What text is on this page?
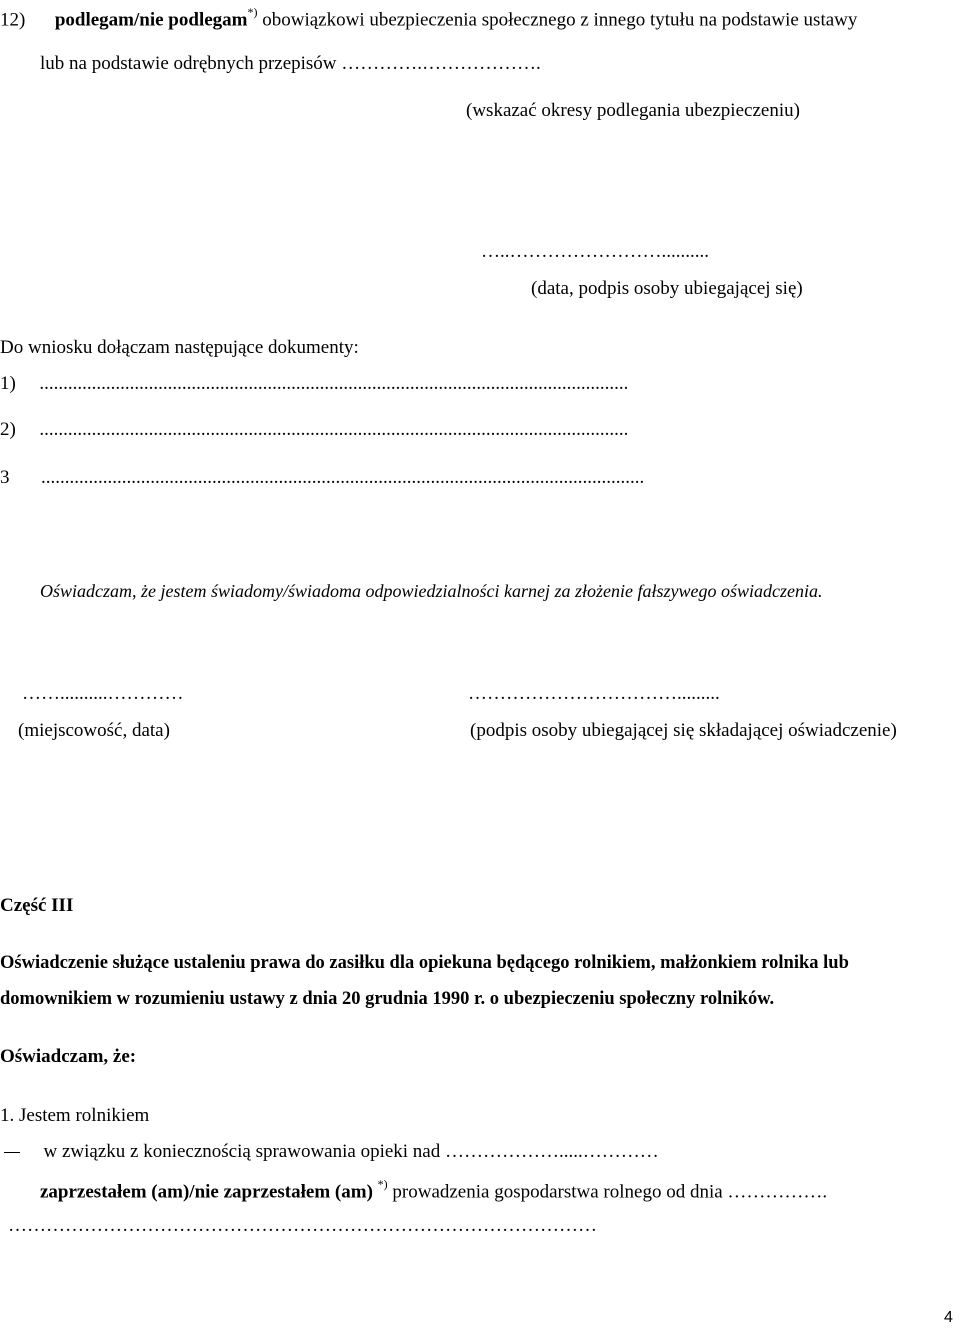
12) podlegam/nie podlegam*) obowiązkowi ubezpieczenia społecznego z innego tytułu na podstawie ustawy
lub na podstawie odrębnych przepisów ………….……………….
(wskazać okresy podlegania ubezpieczeniu)
…..……………………..........
(data, podpis osoby ubiegającej się)
Do wniosku dołączam następujące dokumenty:
1) ............................................................................................................................
2) ............................................................................................................................
3 ...............................................................................................................................
Oświadczam, że jestem świadomy/świadoma odpowiedzialności karnej za złożenie fałszywego oświadczenia.
……..........…………
(miejscowość, data)
…………………………….........
(podpis osoby ubiegającej się składającej oświadczenie)
Część III
Oświadczenie służące ustaleniu prawa do zasiłku dla opiekuna będącego rolnikiem, małżonkiem rolnika lub
domownikiem w rozumieniu ustawy z dnia 20 grudnia 1990 r. o ubezpieczeniu społeczny rolników.
Oświadczam, że:
1. Jestem rolnikiem
w związku z koniecznością sprawowania opieki nad ……………….....…………
zaprzestałem (am)/nie zaprzestałem (am) *) prowadzenia gospodarstwa rolnego od dnia …………….
…………………………………………………………………………………
4
